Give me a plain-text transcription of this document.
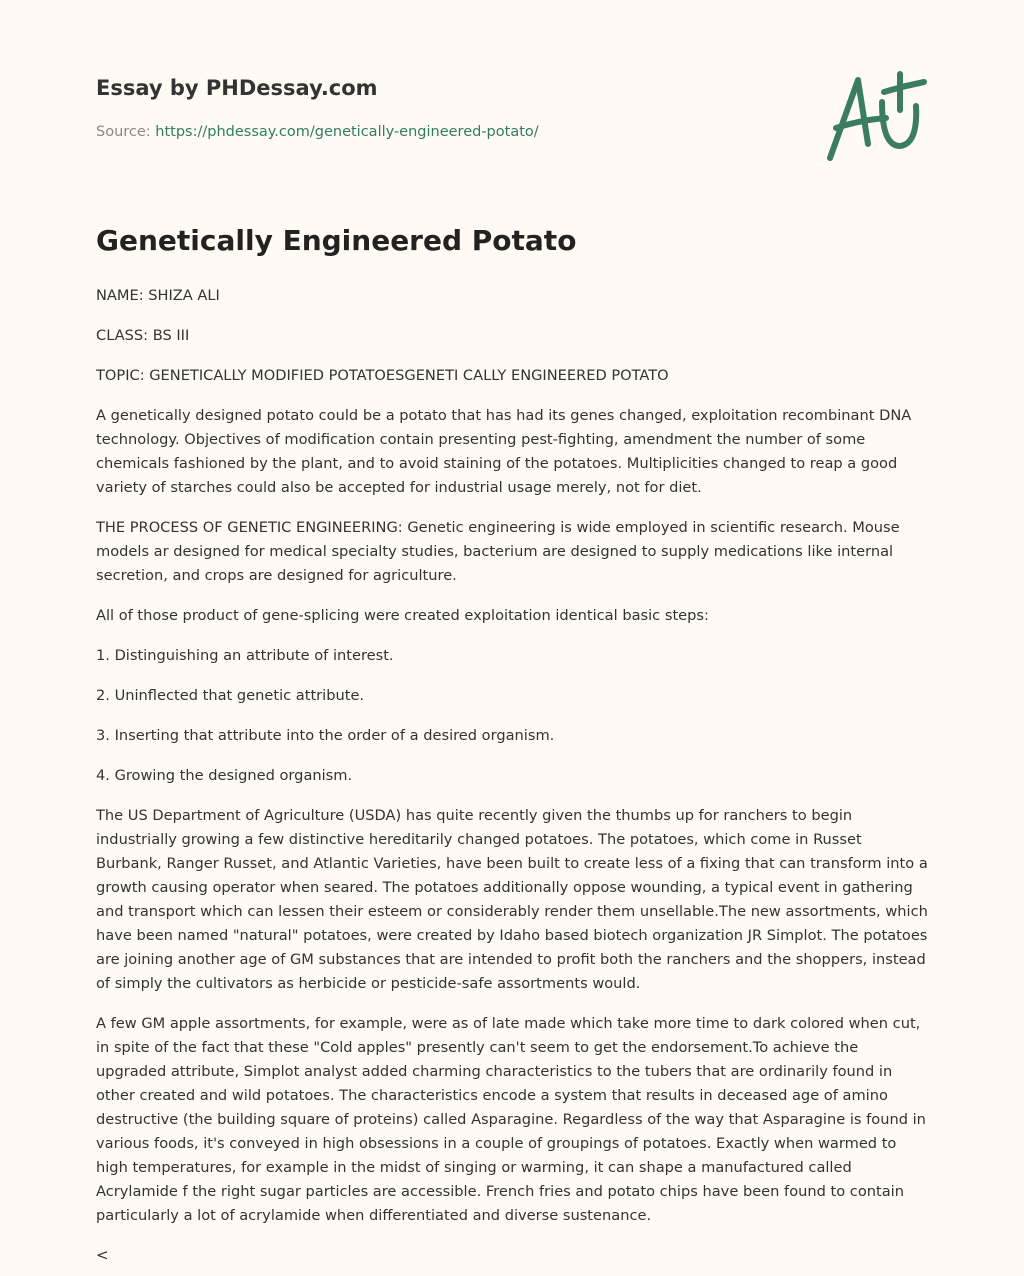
Essay by PHDessay.com
Source: https://phdessay.com/genetically-engineered-potato/
Genetically Engineered Potato

NAME: SHIZA ALI

CLASS: BS III

TOPIC: GENETICALLY MODIFIED POTATOESGENETI CALLY ENGINEERED POTATO

A genetically designed potato could be a potato that has had its genes changed, exploitation recombinant DNA technology. Objectives of modification contain presenting pest-fighting, amendment the number of some chemicals fashioned by the plant, and to avoid staining of the potatoes. Multiplicities changed to reap a good variety of starches could also be accepted for industrial usage merely, not for diet.

THE PROCESS OF GENETIC ENGINEERING: Genetic engineering is wide employed in scientific research. Mouse models ar designed for medical specialty studies, bacterium are designed to supply medications like internal secretion, and crops are designed for agriculture.

All of those product of gene-splicing were created exploitation identical basic steps:

1. Distinguishing an attribute of interest.

2. Uninflected that genetic attribute.

3. Inserting that attribute into the order of a desired organism.

4. Growing the designed organism.

The US Department of Agriculture (USDA) has quite recently given the thumbs up for ranchers to begin industrially growing a few distinctive hereditarily changed potatoes. The potatoes, which come in Russet Burbank, Ranger Russet, and Atlantic Varieties, have been built to create less of a fixing that can transform into a growth causing operator when seared. The potatoes additionally oppose wounding, a typical event in gathering and transport which can lessen their esteem or considerably render them unsellable.The new assortments, which have been named "natural" potatoes, were created by Idaho based biotech organization JR Simplot. The potatoes are joining another age of GM substances that are intended to profit both the ranchers and the shoppers, instead of simply the cultivators as herbicide or pesticide-safe assortments would.

A few GM apple assortments, for example, were as of late made which take more time to dark colored when cut, in spite of the fact that these "Cold apples" presently can't seem to get the endorsement.To achieve the upgraded attribute, Simplot analyst added charming characteristics to the tubers that are ordinarily found in other created and wild potatoes. The characteristics encode a system that results in deceased age of amino destructive (the building square of proteins) called Asparagine. Regardless of the way that Asparagine is found in various foods, it's conveyed in high obsessions in a couple of groupings of potatoes. Exactly when warmed to high temperatures, for example in the midst of singing or warming, it can shape a manufactured called Acrylamide f the right sugar particles are accessible. French fries and potato chips have been found to contain particularly a lot of acrylamide when differentiated and diverse sustenance.

<
